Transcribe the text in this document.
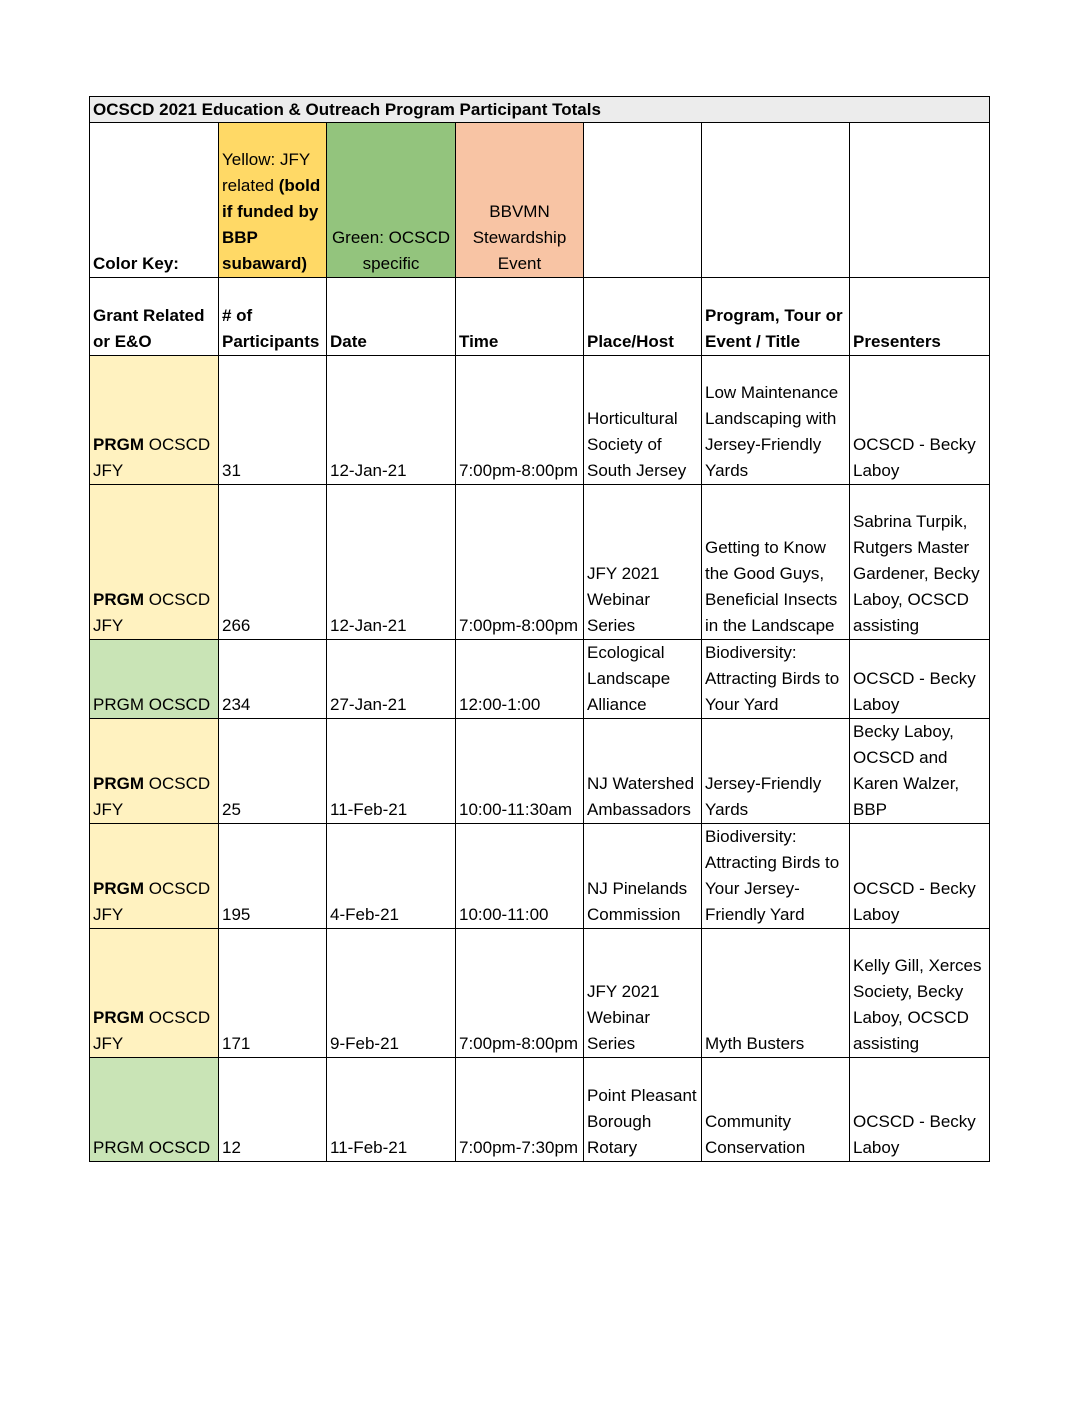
OCSCD 2021 Education & Outreach Program Participant Totals						
Color Key:	Yellow: JFY related (bold if funded by BBP subaward)	Green: OCSCD specific	BBVMN Stewardship Event			
Grant Related or E&O	# of Participants	Date	Time	Place/Host	Program, Tour or Event / Title	Presenters
PRGM OCSCD JFY	31	12-Jan-21	7:00pm-8:00pm	Horticultural Society of South Jersey	Low Maintenance Landscaping with Jersey-Friendly Yards	OCSCD - Becky Laboy
PRGM OCSCD JFY	266	12-Jan-21	7:00pm-8:00pm	JFY 2021 Webinar Series	Getting to Know the Good Guys, Beneficial Insects in the Landscape	Sabrina Turpik, Rutgers Master Gardener, Becky Laboy, OCSCD assisting
PRGM OCSCD	234	27-Jan-21	12:00-1:00	Ecological Landscape Alliance	Biodiversity: Attracting Birds to Your Yard	OCSCD - Becky Laboy
PRGM OCSCD JFY	25	11-Feb-21	10:00-11:30am	NJ Watershed Ambassadors	Jersey-Friendly Yards	Becky Laboy, OCSCD and Karen Walzer, BBP
PRGM OCSCD JFY	195	4-Feb-21	10:00-11:00	NJ Pinelands Commission	Biodiversity: Attracting Birds to Your Jersey-Friendly Yard	OCSCD - Becky Laboy
PRGM OCSCD JFY	171	9-Feb-21	7:00pm-8:00pm	JFY 2021 Webinar Series	Myth Busters	Kelly Gill, Xerces Society, Becky Laboy, OCSCD assisting
PRGM OCSCD	12	11-Feb-21	7:00pm-7:30pm	Point Pleasant Borough Rotary	Community Conservation	OCSCD - Becky Laboy
